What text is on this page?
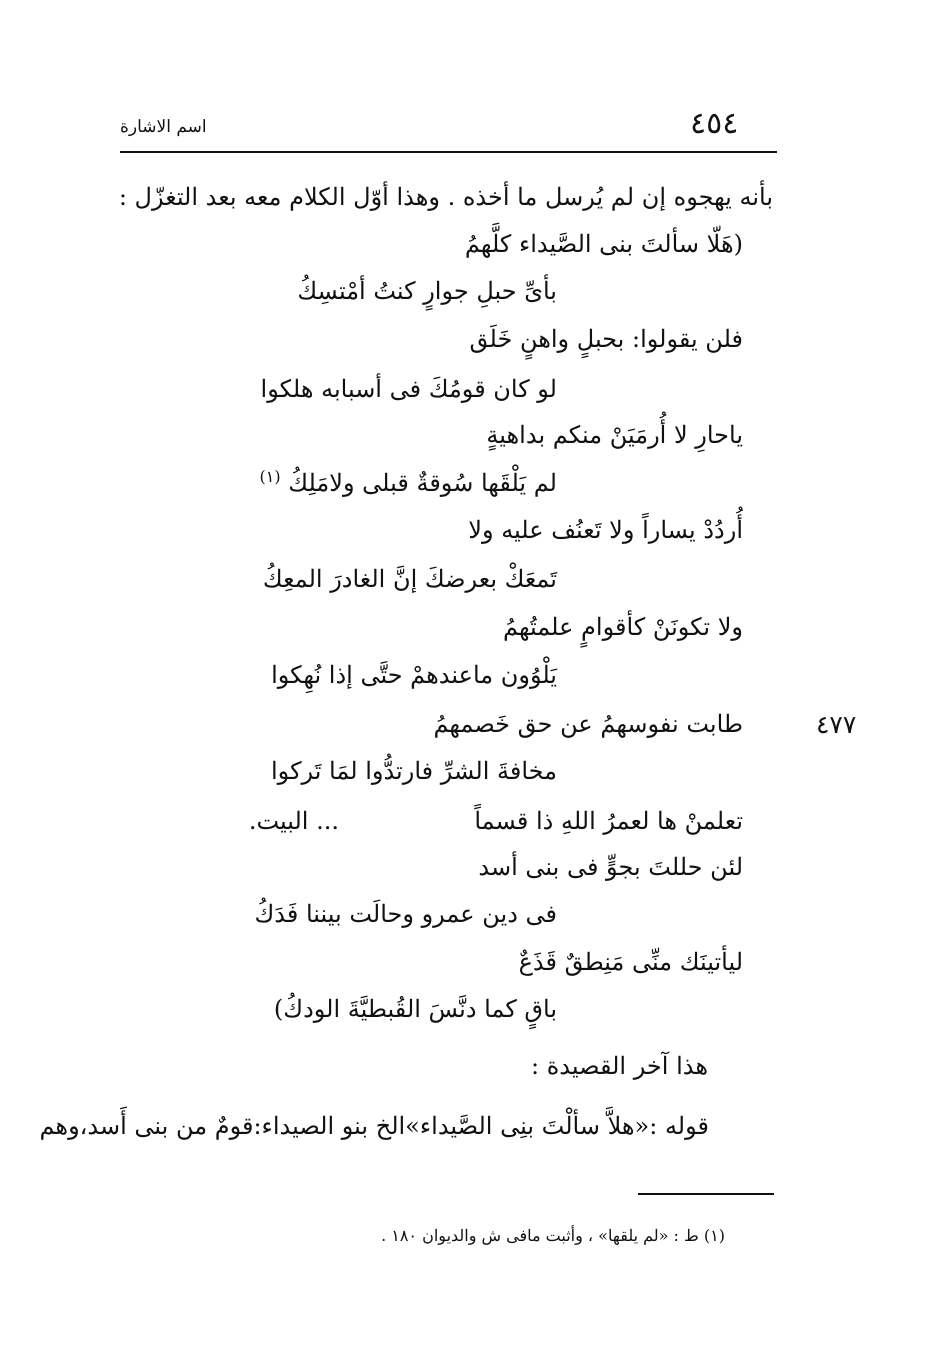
٤٥٤
اسم الاشارة
بأنه يهجوه إن لم يُرسل ما أخذه . وهذا أوّل الكلام معه بعد التغزّل :
(هَلّا سألتَ بنى الصَّيداء كلَّهمُ
بأىِّ حبلِ جوارٍ كنتُ أمْتسِكُ
فلن يقولوا: بحبلٍ واهنٍ خَلَق
لو كان قومُكَ فى أسبابه هلكوا
ياحارِ لا أُرمَيَنْ منكم بداهيةٍ
لم يَلْقَها سُوقةٌ قبلى ولامَلِكُ $^{(١)}$
أُردُدْ يساراً ولا تَعنُف عليه ولا
تَمعَكْ بعرضكَ إنَّ الغادرَ المعِكُ
ولا تكونَنْ كأقوامٍ علمتُهمُ
يَلْوُون ماعندهمْ حتَّى إذا نُهِكوا
طابت نفوسهمُ عن حق خَصمهمُ
مخافةَ الشرِّ فارتدُّوا لمَا تَركوا
تعلمنْ ها لعمرُ اللهِ ذا قسماً
... البيت.
لئن حللتَ بجوٍّ فى بنى أسد
فى دين عمرو وحالَت بيننا فَدَكُ
ليأتينَك منِّى مَنِطقٌ قَذَعٌ
باقٍ كما دنَّسَ القُبطيَّةَ الودكُ)
٤٧٧
هذا آخر القصيدة :
قوله :«هلاَّ سألْتَ بنِى الصَّيداء»الخ بنو الصيداء:قومٌ من بنى أَسد،وهم
(١) ط : «لم يلقها» ، وأثبت مافى ش والديوان ١٨٠ .
